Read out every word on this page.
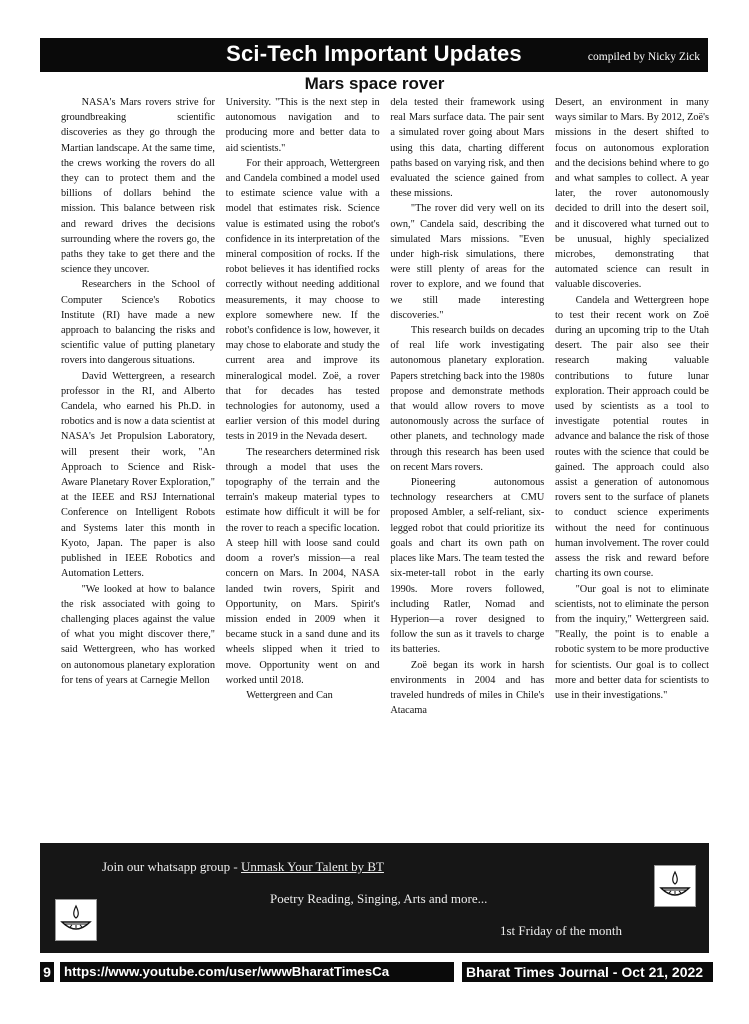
Sci-Tech Important Updates	compiled by Nicky Zick
Mars space rover

NASA's Mars rovers strive for groundbreaking scientific discoveries as they go through the Martian landscape. At the same time, the crews working the rovers do all they can to protect them and the billions of dollars behind the mission. This balance between risk and reward drives the decisions surrounding where the rovers go, the paths they take to get there and the science they uncover.

Researchers in the School of Computer Science's Robotics Institute (RI) have made a new approach to balancing the risks and scientific value of putting planetary rovers into dangerous situations.

David Wettergreen, a research professor in the RI, and Alberto Candela, who earned his Ph.D. in robotics and is now a data scientist at NASA's Jet Propulsion Laboratory, will present their work, "An Approach to Science and Risk-Aware Planetary Rover Exploration," at the IEEE and RSJ International Conference on Intelligent Robots and Systems later this month in Kyoto, Japan. The paper is also published in IEEE Robotics and Automation Letters.

"We looked at how to balance the risk associated with going to challenging places against the value of what you might discover there," said Wettergreen, who has worked on autonomous planetary exploration for tens of years at Carnegie Mellon

University. "This is the next step in autonomous navigation and to producing more and better data to aid scientists."

For their approach, Wettergreen and Candela combined a model used to estimate science value with a model that estimates risk. Science value is estimated using the robot's confidence in its interpretation of the mineral composition of rocks. If the robot believes it has identified rocks correctly without needing additional measurements, it may choose to explore somewhere new. If the robot's confidence is low, however, it may chose to elaborate and study the current area and improve its mineralogical model. Zoë, a rover that for decades has tested technologies for autonomy, used a earlier version of this model during tests in 2019 in the Nevada desert.

The researchers determined risk through a model that uses the topography of the terrain and the terrain's makeup material types to estimate how difficult it will be for the rover to reach a specific location. A steep hill with loose sand could doom a rover's mission—a real concern on Mars. In 2004, NASA landed twin rovers, Spirit and Opportunity, on Mars. Spirit's mission ended in 2009 when it became stuck in a sand dune and its wheels slipped when it tried to move. Opportunity went on and worked until 2018.

Wettergreen and Can

dela tested their framework using real Mars surface data. The pair sent a simulated rover going about Mars using this data, charting different paths based on varying risk, and then evaluated the science gained from these missions.

"The rover did very well on its own," Candela said, describing the simulated Mars missions. "Even under high-risk simulations, there were still plenty of areas for the rover to explore, and we found that we still made interesting discoveries."

This research builds on decades of real life work investigating autonomous planetary exploration. Papers stretching back into the 1980s propose and demonstrate methods that would allow rovers to move autonomously across the surface of other planets, and technology made through this research has been used on recent Mars rovers.

Pioneering autonomous technology researchers at CMU proposed Ambler, a self-reliant, six-legged robot that could prioritize its goals and chart its own path on places like Mars. The team tested the six-meter-tall robot in the early 1990s. More rovers followed, including Ratler, Nomad and Hyperion—a rover designed to follow the sun as it travels to charge its batteries.

Zoë began its work in harsh environments in 2004 and has traveled hundreds of miles in Chile's Atacama

Desert, an environment in many ways similar to Mars. By 2012, Zoë's missions in the desert shifted to focus on autonomous exploration and the decisions behind where to go and what samples to collect. A year later, the rover autonomously decided to drill into the desert soil, and it discovered what turned out to be unusual, highly specialized microbes, demonstrating that automated science can result in valuable discoveries.

Candela and Wettergreen hope to test their recent work on Zoë during an upcoming trip to the Utah desert. The pair also see their research making valuable contributions to future lunar exploration. Their approach could be used by scientists as a tool to investigate potential routes in advance and balance the risk of those routes with the science that could be gained. The approach could also assist a generation of autonomous rovers sent to the surface of planets to conduct science experiments without the need for continuous human involvement. The rover could assess the risk and reward before charting its own course.

"Our goal is not to eliminate scientists, not to eliminate the person from the inquiry," Wettergreen said. "Really, the point is to enable a robotic system to be more productive for scientists. Our goal is to collect more and better data for scientists to use in their investigations."

Join our whatsapp group - Unmask Your Talent by BT
Poetry Reading, Singing, Arts and more...
1st Friday of the month
9 https://www.youtube.com/user/wwwBharatTimesCa	Bharat Times Journal - Oct 21, 2022
